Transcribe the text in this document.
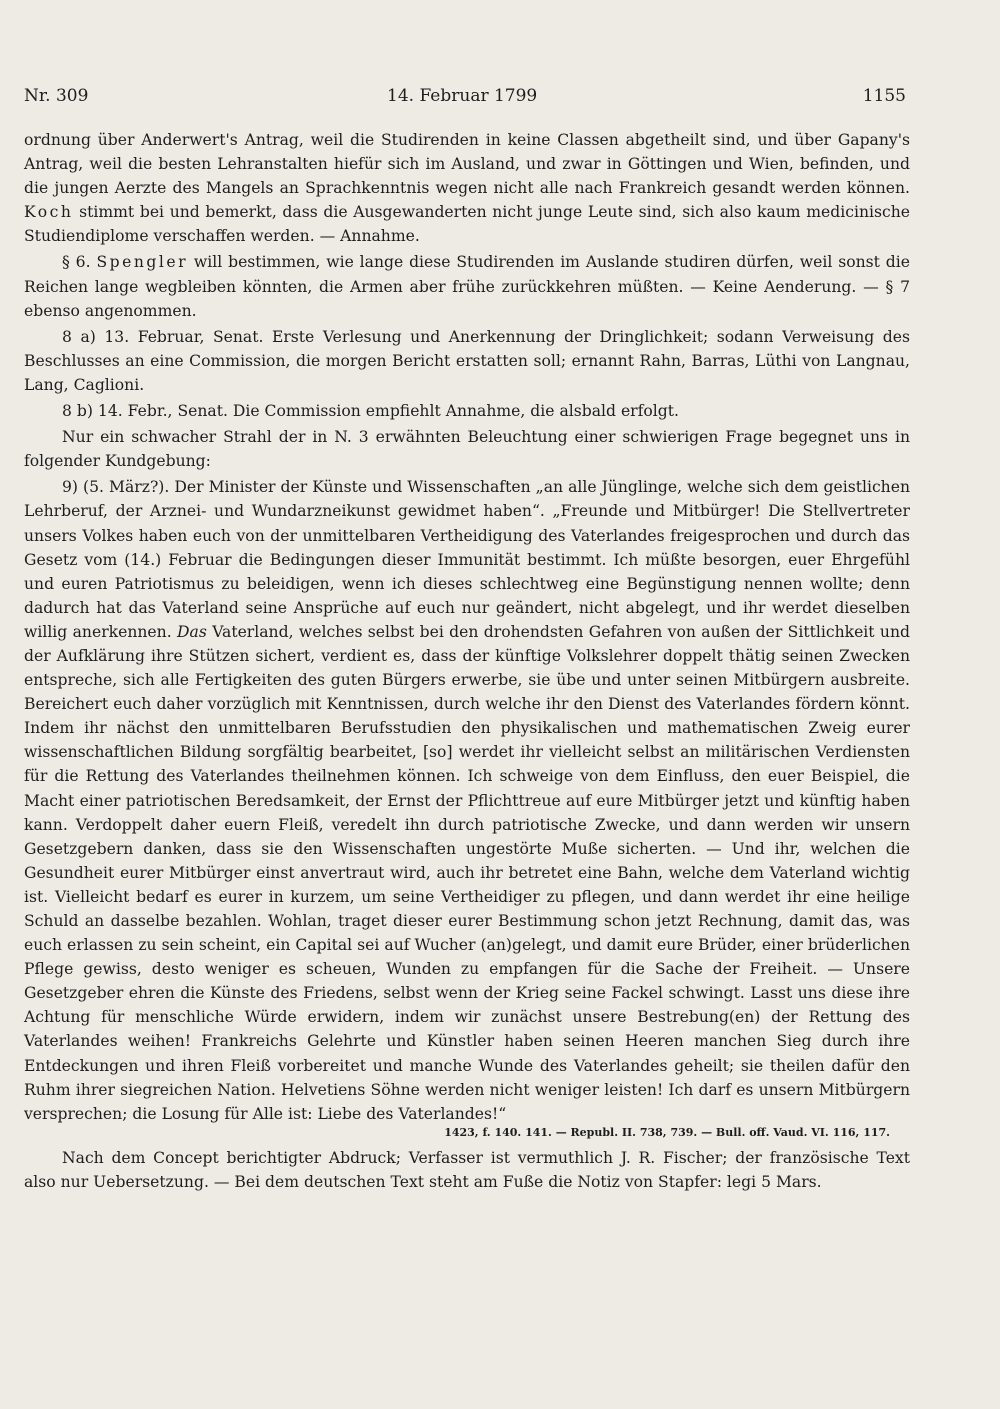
Nr. 309	14. Februar 1799	1155

ordnung über Anderwert's Antrag, weil die Studirenden in keine Classen abgetheilt sind, und über Gapany's Antrag, weil die besten Lehranstalten hiefür sich im Ausland, und zwar in Göttingen und Wien, befinden, und die jungen Aerzte des Mangels an Sprachkenntnis wegen nicht alle nach Frankreich gesandt werden können. Koch stimmt bei und bemerkt, dass die Ausgewanderten nicht junge Leute sind, sich also kaum medicinische Studiendiplome verschaffen werden. — Annahme.

§ 6. Spengler will bestimmen, wie lange diese Studirenden im Auslande studiren dürfen, weil sonst die Reichen lange wegbleiben könnten, die Armen aber frühe zurückkehren müßten. — Keine Aenderung. — § 7 ebenso angenommen.

8 a) 13. Februar, Senat. Erste Verlesung und Anerkennung der Dringlichkeit; sodann Verweisung des Beschlusses an eine Commission, die morgen Bericht erstatten soll; ernannt Rahn, Barras, Lüthi von Langnau, Lang, Caglioni.

8 b) 14. Febr., Senat. Die Commission empfiehlt Annahme, die alsbald erfolgt.

Nur ein schwacher Strahl der in N. 3 erwähnten Beleuchtung einer schwierigen Frage begegnet uns in folgender Kundgebung:

9) (5. März?). Der Minister der Künste und Wissenschaften „an alle Jünglinge, welche sich dem geistlichen Lehrberuf, der Arznei- und Wundarzneikunst gewidmet haben“. „Freunde und Mitbürger! Die Stellvertreter unsers Volkes haben euch von der unmittelbaren Vertheidigung des Vaterlandes freigesprochen und durch das Gesetz vom (14.) Februar die Bedingungen dieser Immunität bestimmt. Ich müßte besorgen, euer Ehrgefühl und euren Patriotismus zu beleidigen, wenn ich dieses schlechtweg eine Begünstigung nennen wollte; denn dadurch hat das Vaterland seine Ansprüche auf euch nur geändert, nicht abgelegt, und ihr werdet dieselben willig anerkennen. Das Vaterland, welches selbst bei den drohendsten Gefahren von außen der Sittlichkeit und der Aufklärung ihre Stützen sichert, verdient es, dass der künftige Volkslehrer doppelt thätig seinen Zwecken entspreche, sich alle Fertigkeiten des guten Bürgers erwerbe, sie übe und unter seinen Mitbürgern ausbreite. Bereichert euch daher vorzüglich mit Kenntnissen, durch welche ihr den Dienst des Vaterlandes fördern könnt. Indem ihr nächst den unmittelbaren Berufsstudien den physikalischen und mathematischen Zweig eurer wissenschaftlichen Bildung sorgfältig bearbeitet, [so] werdet ihr vielleicht selbst an militärischen Verdiensten für die Rettung des Vaterlandes theilnehmen können. Ich schweige von dem Einfluss, den euer Beispiel, die Macht einer patriotischen Beredsamkeit, der Ernst der Pflichttreue auf eure Mitbürger jetzt und künftig haben kann. Verdoppelt daher euern Fleiß, veredelt ihn durch patriotische Zwecke, und dann werden wir unsern Gesetzgebern danken, dass sie den Wissenschaften ungestörte Muße sicherten. — Und ihr, welchen die Gesundheit eurer Mitbürger einst anvertraut wird, auch ihr betretet eine Bahn, welche dem Vaterland wichtig ist. Vielleicht bedarf es eurer in kurzem, um seine Vertheidiger zu pflegen, und dann werdet ihr eine heilige Schuld an dasselbe bezahlen. Wohlan, traget dieser eurer Bestimmung schon jetzt Rechnung, damit das, was euch erlassen zu sein scheint, ein Capital sei auf Wucher (an)gelegt, und damit eure Brüder, einer brüderlichen Pflege gewiss, desto weniger es scheuen, Wunden zu empfangen für die Sache der Freiheit. — Unsere Gesetzgeber ehren die Künste des Friedens, selbst wenn der Krieg seine Fackel schwingt. Lasst uns diese ihre Achtung für menschliche Würde erwidern, indem wir zunächst unsere Bestrebung(en) der Rettung des Vaterlandes weihen! Frankreichs Gelehrte und Künstler haben seinen Heeren manchen Sieg durch ihre Entdeckungen und ihren Fleiß vorbereitet und manche Wunde des Vaterlandes geheilt; sie theilen dafür den Ruhm ihrer siegreichen Nation. Helvetiens Söhne werden nicht weniger leisten! Ich darf es unsern Mitbürgern versprechen; die Losung für Alle ist: Liebe des Vaterlandes!“

1423, f. 140. 141. — Republ. II. 738, 739. — Bull. off. Vaud. VI. 116, 117.

Nach dem Concept berichtigter Abdruck; Verfasser ist vermuthlich J. R. Fischer; der französische Text also nur Uebersetzung. — Bei dem deutschen Text steht am Fuße die Notiz von Stapfer: legi 5 Mars.
